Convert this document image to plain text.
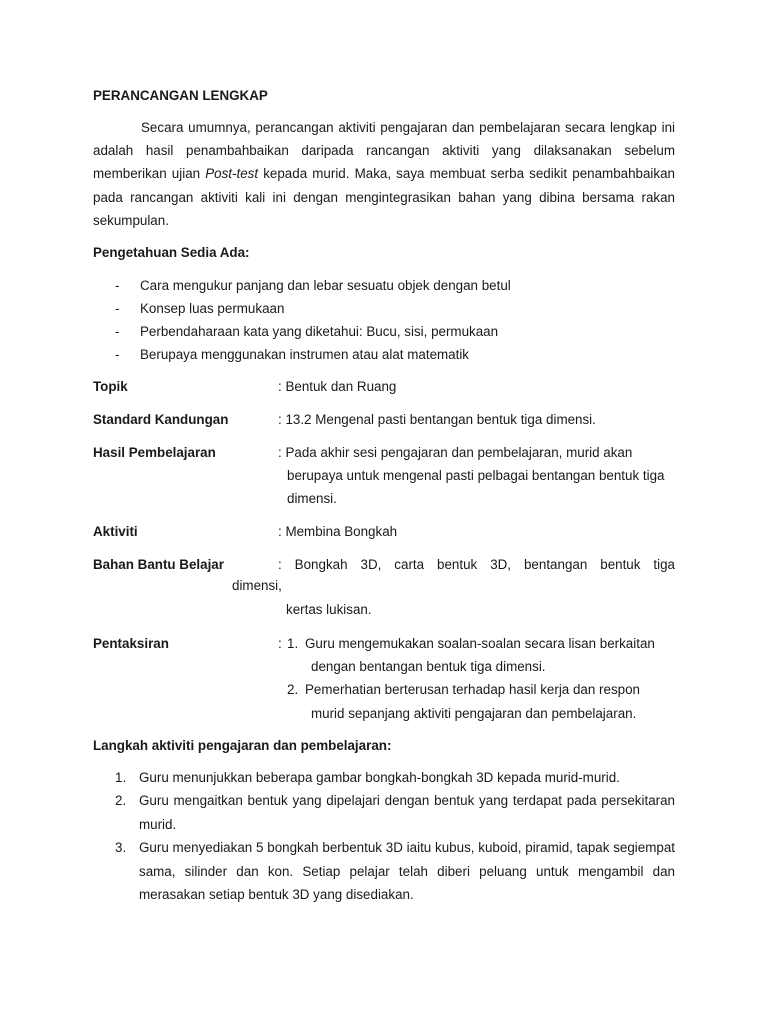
PERANCANGAN LENGKAP
Secara umumnya, perancangan aktiviti pengajaran dan pembelajaran secara lengkap ini adalah hasil penambahbaikan daripada rancangan aktiviti yang dilaksanakan sebelum memberikan ujian Post-test kepada murid. Maka, saya membuat serba sedikit penambahbaikan pada rancangan aktiviti kali ini dengan mengintegrasikan bahan yang dibina bersama rakan sekumpulan.
Pengetahuan Sedia Ada:
- Cara mengukur panjang dan lebar sesuatu objek dengan betul
- Konsep luas permukaan
- Perbendaharaan kata yang diketahui: Bucu, sisi, permukaan
- Berupaya menggunakan instrumen atau alat matematik
Topik	: Bentuk dan Ruang
Standard Kandungan	: 13.2 Mengenal pasti bentangan bentuk tiga dimensi.
Hasil Pembelajaran	: Pada akhir sesi pengajaran dan pembelajaran, murid akan berupaya untuk mengenal pasti pelbagai bentangan bentuk tiga dimensi.
Aktiviti	: Membina Bongkah
Bahan Bantu Belajar	: Bongkah 3D, carta bentuk 3D, bentangan bentuk tiga
dimensi,
kertas lukisan.
Pentaksiran	: 1. Guru mengemukakan soalan-soalan secara lisan berkaitan dengan bentangan bentuk tiga dimensi.
2. Pemerhatian berterusan terhadap hasil kerja dan respon murid sepanjang aktiviti pengajaran dan pembelajaran.
Langkah aktiviti pengajaran dan pembelajaran:
1. Guru menunjukkan beberapa gambar bongkah-bongkah 3D kepada murid-murid.
2. Guru mengaitkan bentuk yang dipelajari dengan bentuk yang terdapat pada persekitaran murid.
3. Guru menyediakan 5 bongkah berbentuk 3D iaitu kubus, kuboid, piramid, tapak segiempat sama, silinder dan kon. Setiap pelajar telah diberi peluang untuk mengambil dan merasakan setiap bentuk 3D yang disediakan.
